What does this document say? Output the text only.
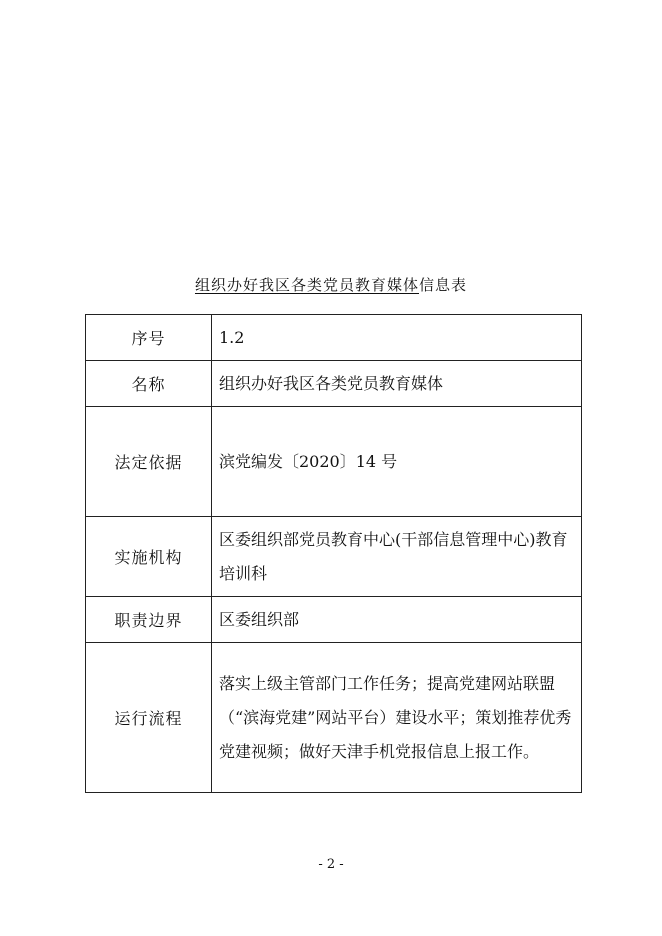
组织办好我区各类党员教育媒体信息表
序号	1.2
名称	组织办好我区各类党员教育媒体
法定依据	滨党编发〔2020〕14 号
实施机构	区委组织部党员教育中心(干部信息管理中心)教育培训科
职责边界	区委组织部
运行流程	落实上级主管部门工作任务；提高党建网站联盟（“滨海党建”网站平台）建设水平；策划推荐优秀党建视频；做好天津手机党报信息上报工作。
- 2 -
